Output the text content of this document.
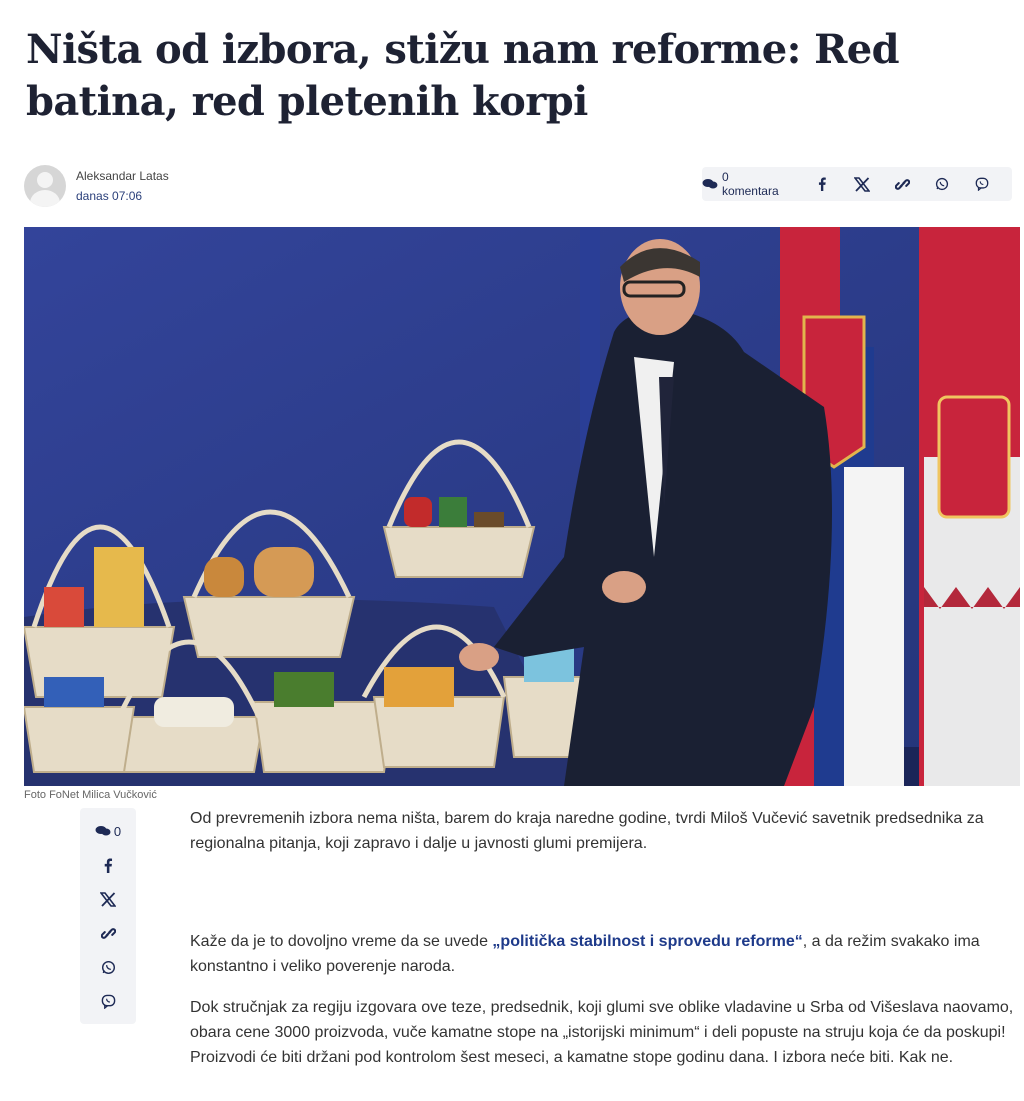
Ništa od izbora, stižu nam reforme: Red batina, red pletenih korpi
Aleksandar Latas
danas 07:06
0 komentara
Foto FoNet Milica Vučković
0

Od prevremenih izbora nema ništa, barem do kraja naredne godine, tvrdi Miloš Vučević savetnik predsednika za regionalna pitanja, koji zapravo i dalje u javnosti glumi premijera.

Kaže da je to dovoljno vreme da se uvede „politička stabilnost i sprovedu reforme“, a da režim svakako ima konstantno i veliko poverenje naroda.

Dok stručnjak za regiju izgovara ove teze, predsednik, koji glumi sve oblike vladavine u Srba od Višeslava naovamo, obara cene 3000 proizvoda, vuče kamatne stope na „istorijski minimum“ i deli popuste na struju koja će da poskupi! Proizvodi će biti držani pod kontrolom šest meseci, a kamatne stope godinu dana. I izbora neće biti. Kak ne.
